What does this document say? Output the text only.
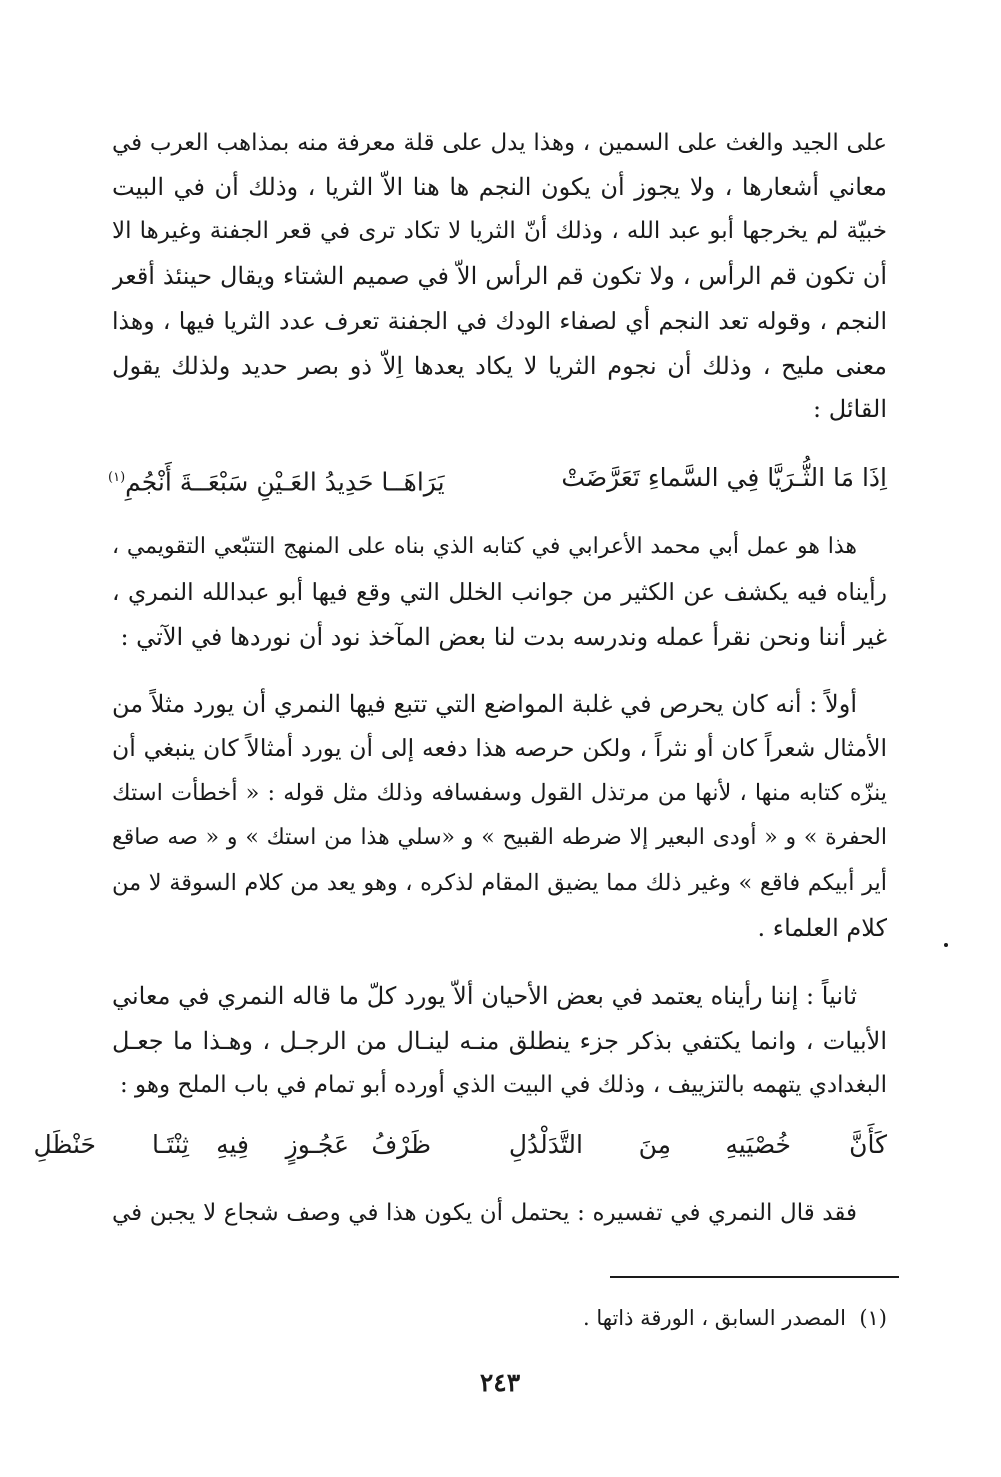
على الجيد والغث على السمين ، وهذا يدل على قلة معرفة منه بمذاهب العرب في

معاني أشعارها ، ولا يجوز أن يكون النجم ها هنا الاّ الثريا ، وذلك أن في البيت

خبيّة لم يخرجها أبو عبد الله ، وذلك أنّ الثريا لا تكاد ترى في قعر الجفنة وغيرها الا

أن تكون قم الرأس ، ولا تكون قم الرأس الاّ في صميم الشتاء ويقال حينئذ أقعر

النجم ، وقوله تعد النجم أي لصفاء الودك في الجفنة تعرف عدد الثريا فيها ، وهذا

معنى مليح ، وذلك أن نجوم الثريا لا يكاد يعدها اِلاّ ذو بصر حديد ولذلك يقول

القائل :

اِذَا مَا الثُّـرَيَّا فِي السَّماءِ تَعَرَّضَتْ

يَرَاهَــا حَدِيدُ العَـيْنِ سَبْعَــةَ أَنْجُمِ$^{(١)}$

هذا هو عمل أبي محمد الأعرابي في كتابه الذي بناه على المنهج التتبّعي التقويمي ،

رأيناه فيه يكشف عن الكثير من جوانب الخلل التي وقع فيها أبو عبدالله النمري ،

غير أننا ونحن نقرأ عمله وندرسه بدت لنا بعض المآخذ نود أن نوردها في الآتي :

أولاً : أنه كان يحرص في غلبة المواضع التي تتبع فيها النمري أن يورد مثلاً من

الأمثال شعراً كان أو نثراً ، ولكن حرصه هذا دفعه إلى أن يورد أمثالاً كان ينبغي أن

ينزّه كتابه منها ، لأنها من مرتذل القول وسفسافه وذلك مثل قوله : « أخطأت استك

الحفرة » و « أودى البعير إلا ضرطه القبيح » و «سلي هذا من استك » و « صه صاقع

أير أبيكم فاقع » وغير ذلك مما يضيق المقام لذكره ، وهو يعد من كلام السوقة لا من

كلام العلماء .

ثانياً : إننا رأيناه يعتمد في بعض الأحيان ألاّ يورد كلّ ما قاله النمري في معاني

الأبيات ، وانما يكتفي بذكر جزء ينطلق منـه لينـال من الرجـل ، وهـذا ما جعـل

البغدادي يتهمه بالتزييف ، وذلك في البيت الذي أورده أبو تمام في باب الملح وهو :

كَأَنَّ

خُصْيَيهِ

مِنَ

التَّدَلْدُلِ

ظَرْفُ

عَجُـوزٍ

فِيهِ

ثِنْتَـا

حَنْظَلِ

فقد قال النمري في تفسيره : يحتمل أن يكون هذا في وصف شجاع لا يجبن في

(١)  المصدر السابق ، الورقة ذاتها .

٢٤٣
